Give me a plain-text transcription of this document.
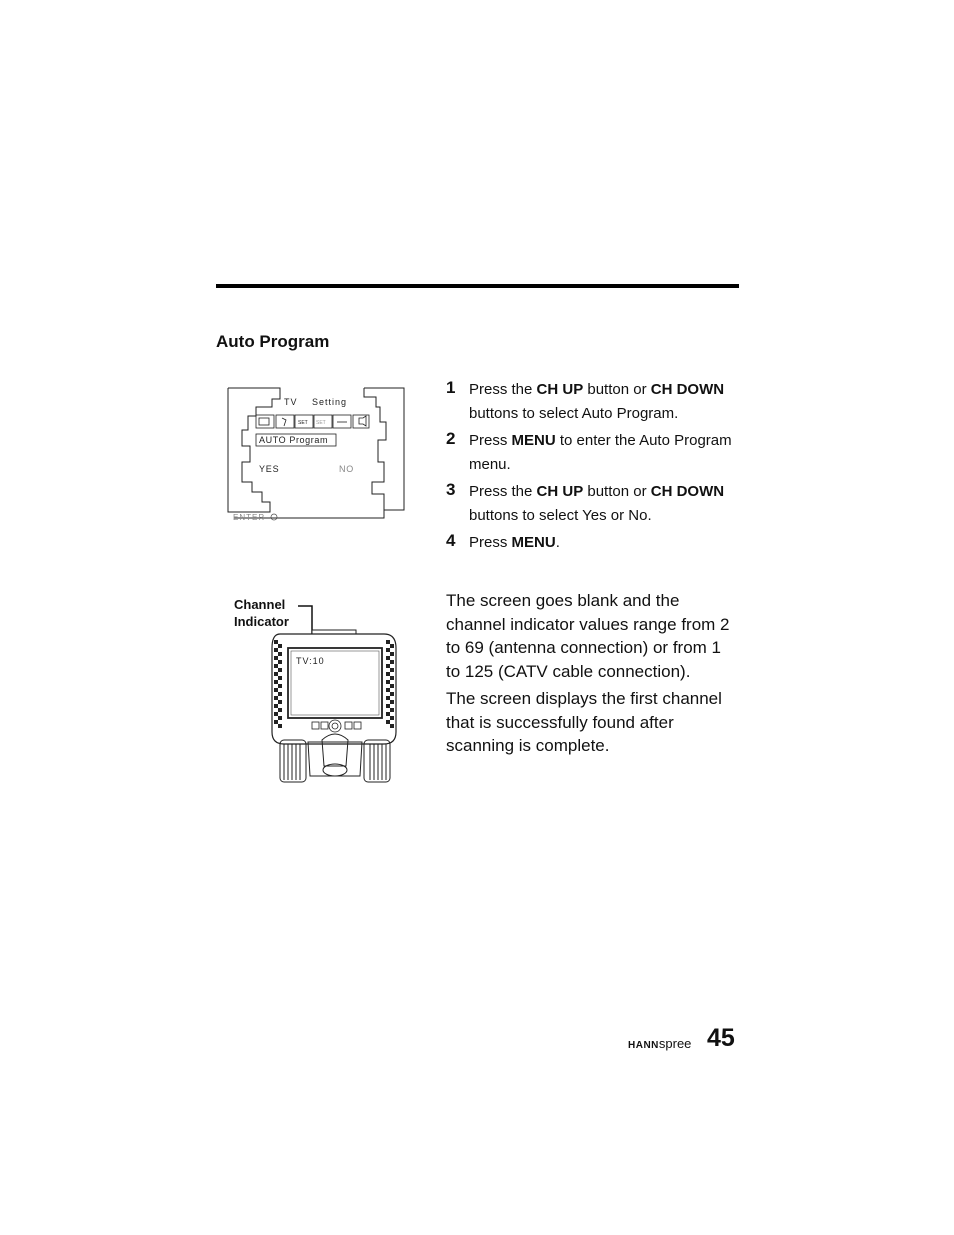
Auto Program
TV Setting
SET SET
AUTO Program
YES	NO
ENTER
1 Press the CH UP button or CH DOWN buttons to select Auto Program.
2 Press MENU to enter the Auto Program menu.
3 Press the CH UP button or CH DOWN buttons to select Yes or No.
4 Press MENU.
The screen goes blank and the channel indicator values range from 2 to 69 (antenna connection) or from 1 to 125 (CATV cable connection).
The screen displays the first channel that is successfully found after scanning is complete.
Channel
Indicator
TV:10
HANNspree 45
